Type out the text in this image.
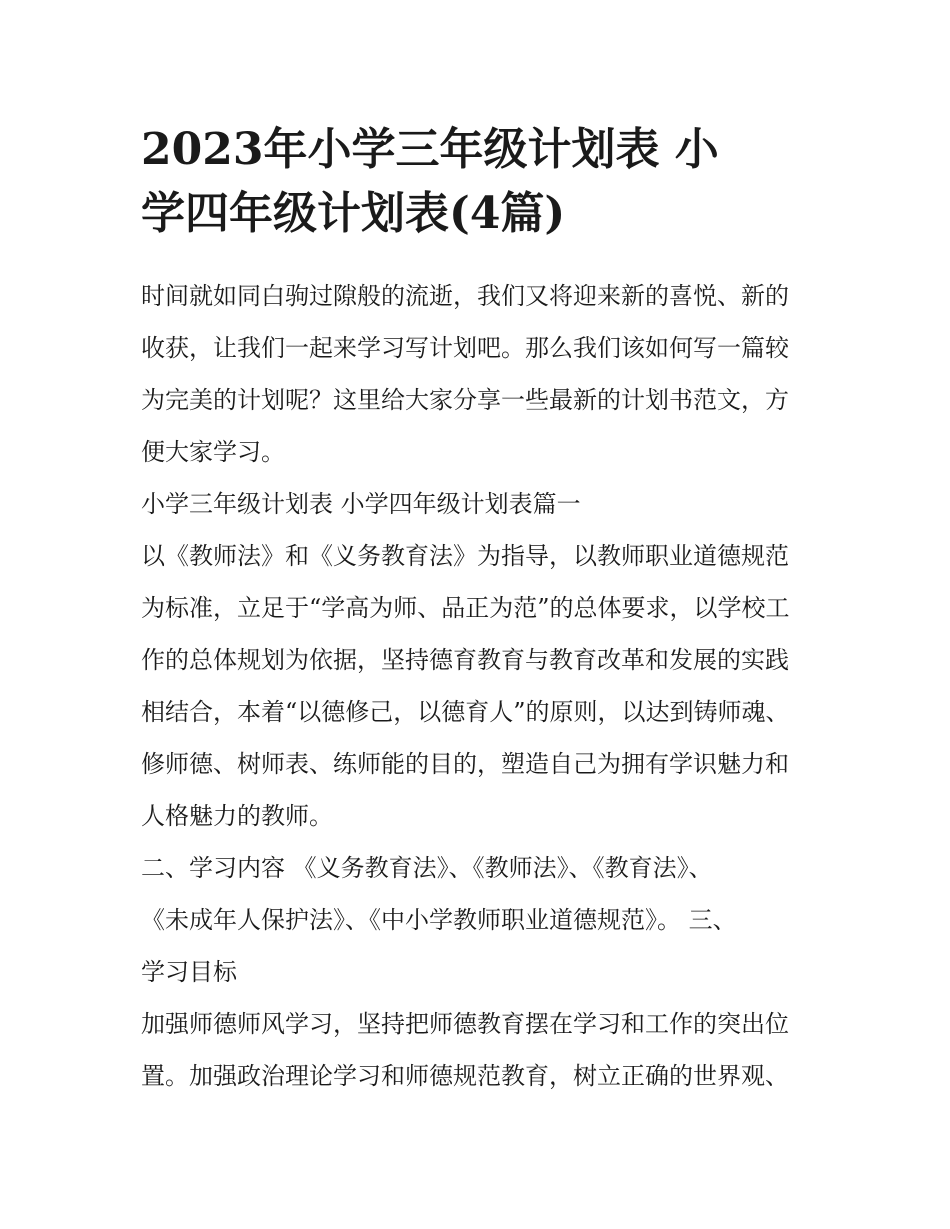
2023年小学三年级计划表 小
学四年级计划表(4篇)

时间就如同白驹过隙般的流逝，我们又将迎来新的喜悦、新的
收获，让我们一起来学习写计划吧。那么我们该如何写一篇较
为完美的计划呢？这里给大家分享一些最新的计划书范文，方
便大家学习。

小学三年级计划表 小学四年级计划表篇一

以《教师法》和《义务教育法》为指导，以教师职业道德规范
为标准，立足于“学高为师、品正为范”的总体要求，以学校工
作的总体规划为依据，坚持德育教育与教育改革和发展的实践
相结合，本着“以德修己，以德育人”的原则，以达到铸师魂、
修师德、树师表、练师能的目的，塑造自己为拥有学识魅力和
人格魅力的教师。

二、学习内容 《义务教育法》、《教师法》、《教育法》、
《未成年人保护法》、《中小学教师职业道德规范》。 三、
学习目标

加强师德师风学习，坚持把师德教育摆在学习和工作的突出位
置。加强政治理论学习和师德规范教育，树立正确的世界观、
